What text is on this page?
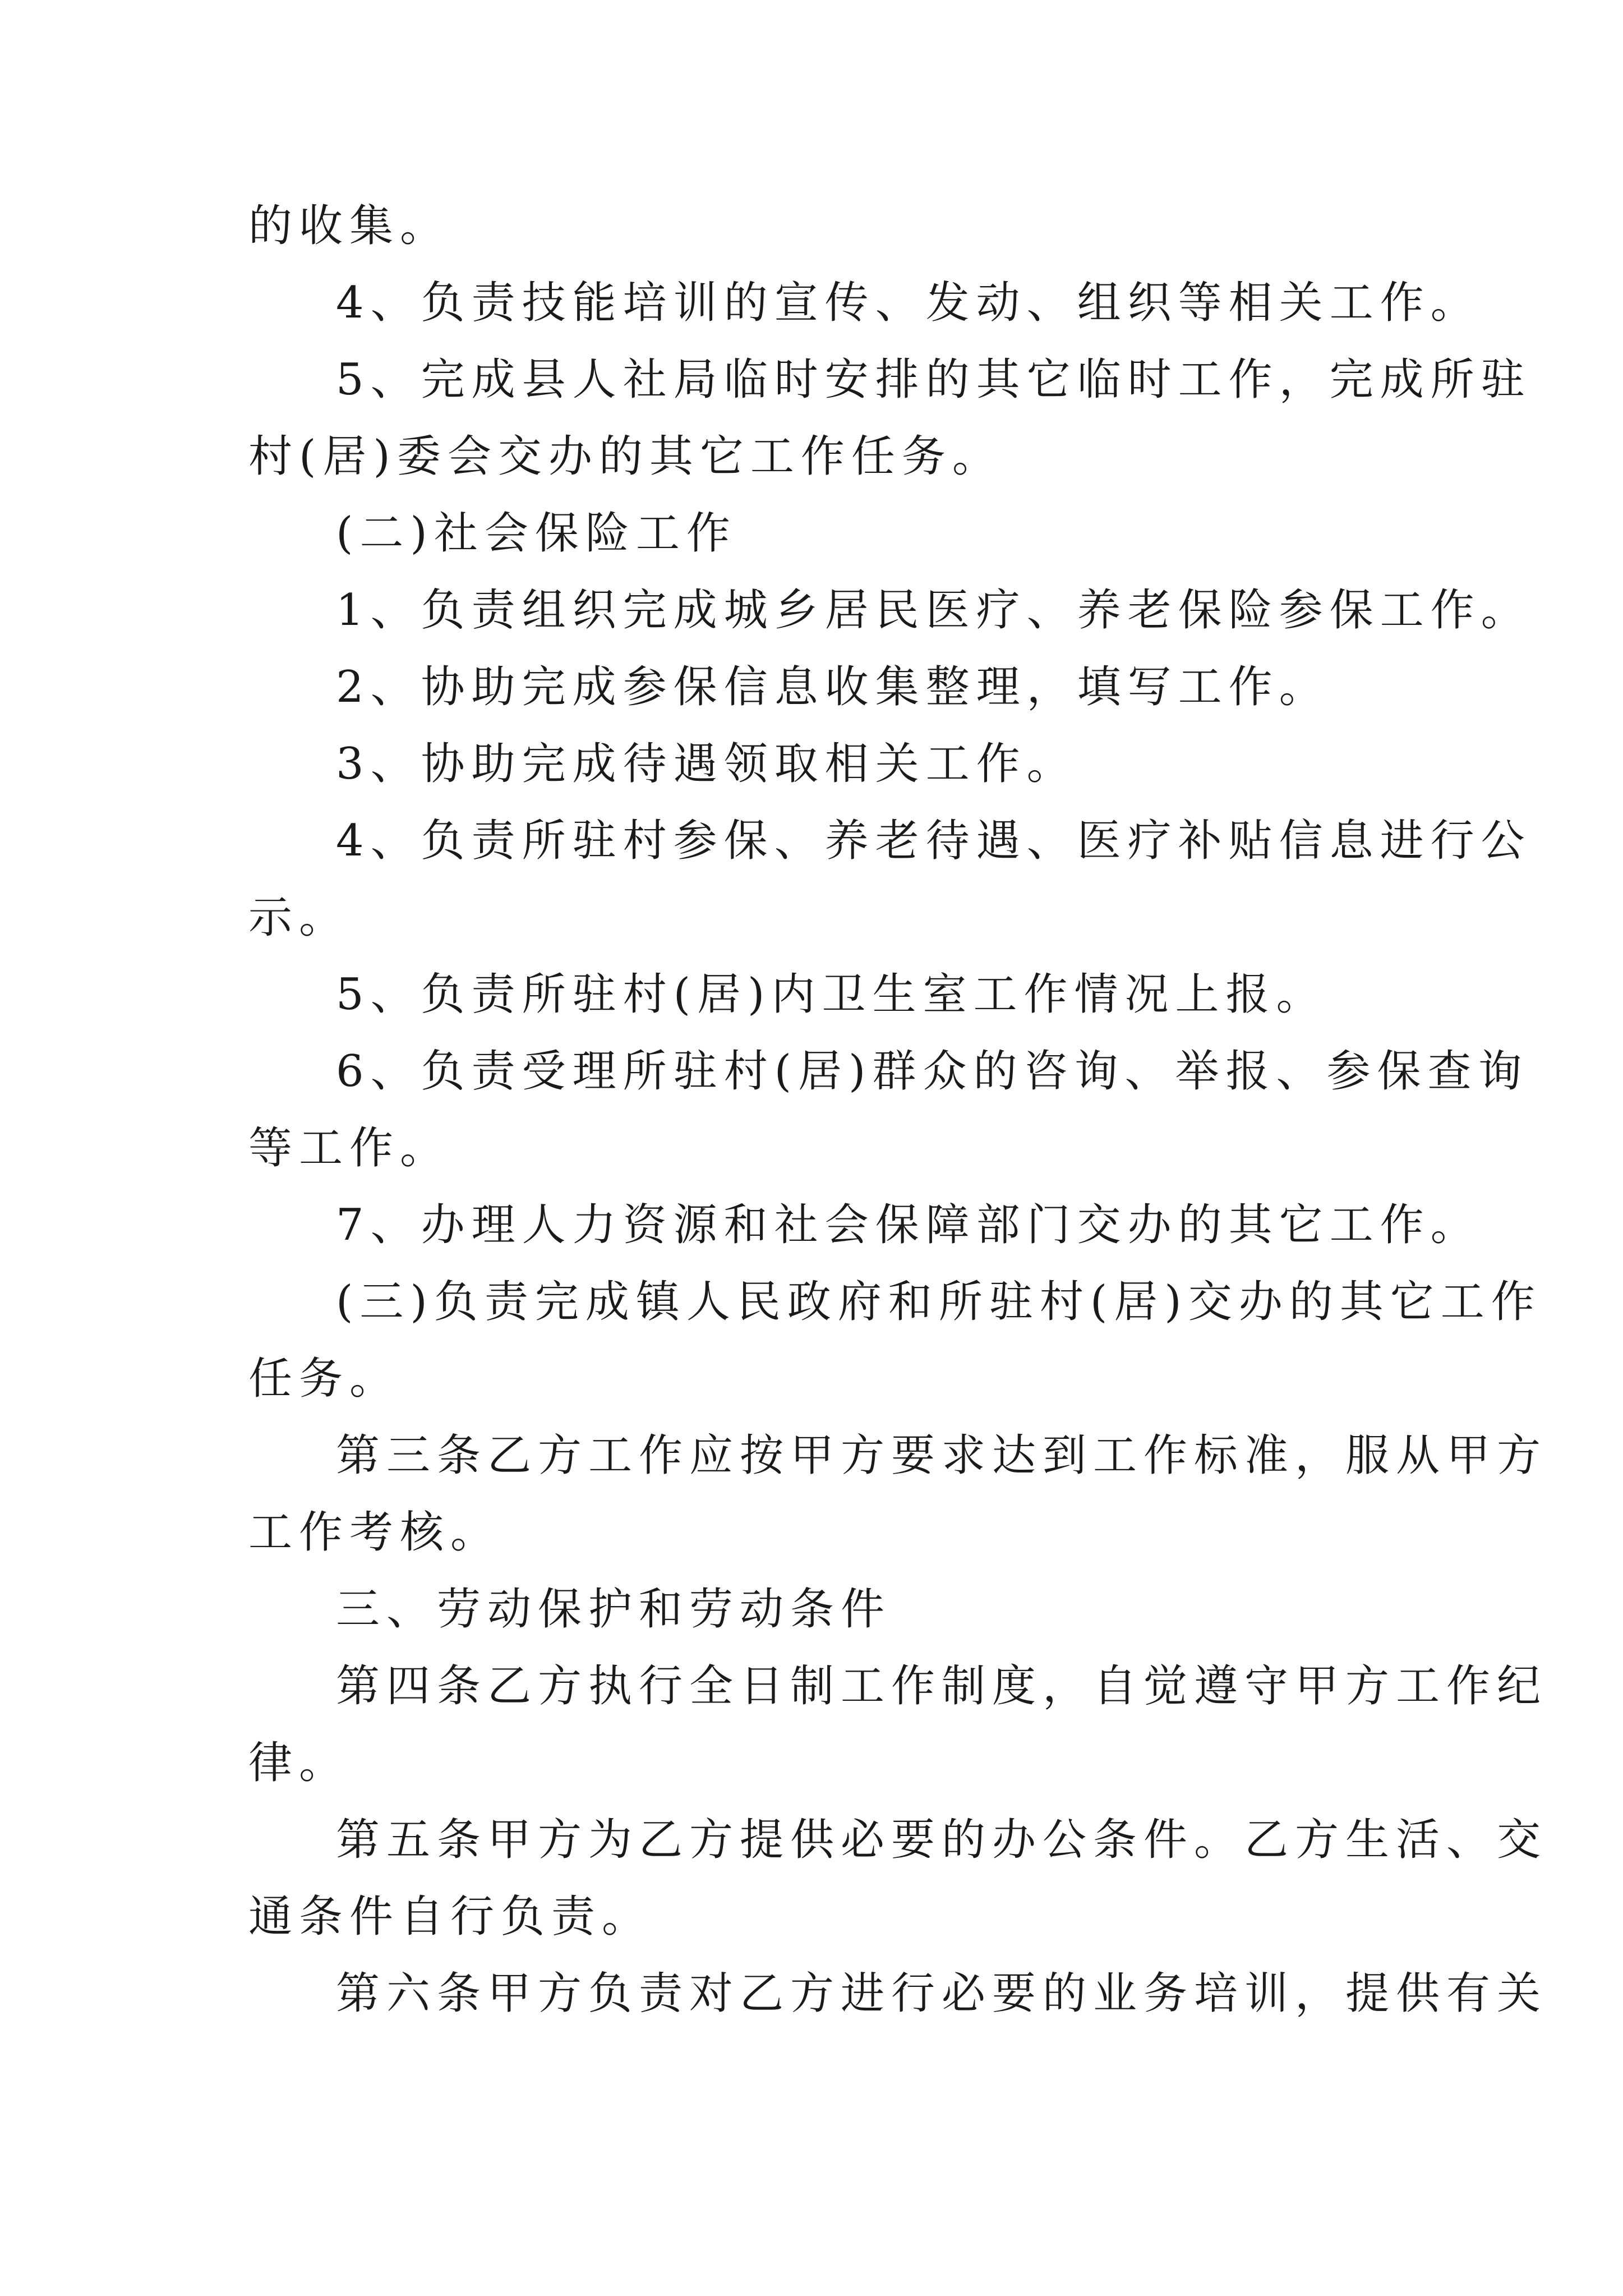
的收集。
4、负责技能培训的宣传、发动、组织等相关工作。
5、完成县人社局临时安排的其它临时工作，完成所驻
村(居)委会交办的其它工作任务。
(二)社会保险工作
1、负责组织完成城乡居民医疗、养老保险参保工作。
2、协助完成参保信息收集整理，填写工作。
3、协助完成待遇领取相关工作。
4、负责所驻村参保、养老待遇、医疗补贴信息进行公
示。
5、负责所驻村(居)内卫生室工作情况上报。
6、负责受理所驻村(居)群众的咨询、举报、参保查询
等工作。
7、办理人力资源和社会保障部门交办的其它工作。
(三)负责完成镇人民政府和所驻村(居)交办的其它工作
任务。
第三条乙方工作应按甲方要求达到工作标准，服从甲方
工作考核。
三、劳动保护和劳动条件
第四条乙方执行全日制工作制度，自觉遵守甲方工作纪
律。
第五条甲方为乙方提供必要的办公条件。乙方生活、交
通条件自行负责。
第六条甲方负责对乙方进行必要的业务培训，提供有关
